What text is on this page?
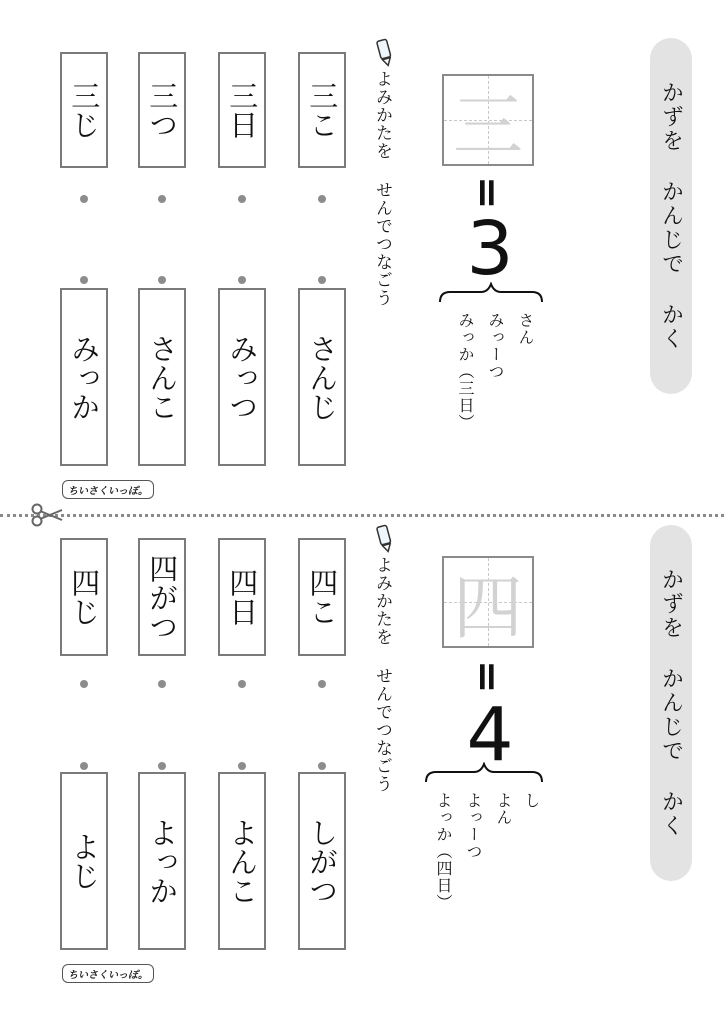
かずを かんじで かく
三
=
3
さん
みっーつ
みっか（三日）
よみかたを せんでつなごう
三こ
三日
三つ
三じ
さんじ
みっつ
さんこ
みっか
ちいさくいっぽ。
かずを かんじで かく
四
=
4
し
よん
よっーつ
よっか（四日）
よみかたを せんでつなごう
四こ
四日
四がつ
四じ
しがつ
よんこ
よっか
よじ
ちいさくいっぽ。
